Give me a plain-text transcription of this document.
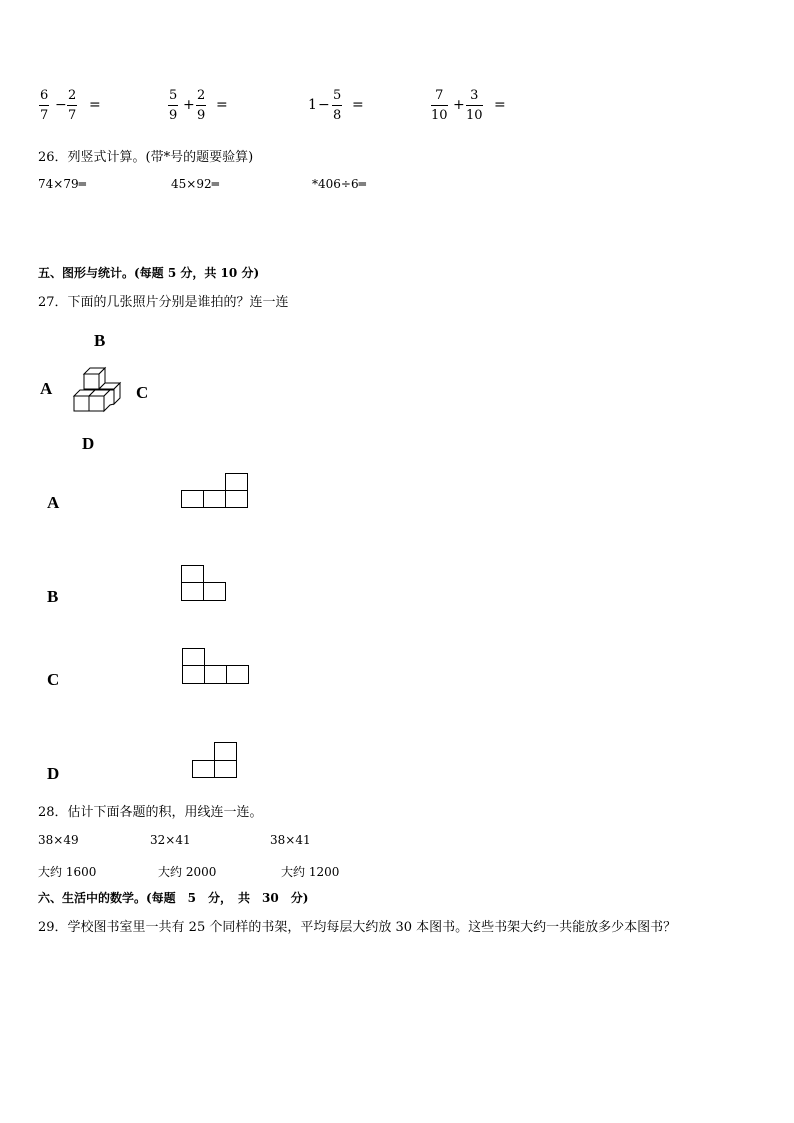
6
7
−
2
7
=
5
9
+
2
9
=	1 −
5
8
=
7
10
+
3
10
=
26．列竖式计算。(带*号的题要验算)
74×79═	45×92═	*406÷6═
五、图形与统计。(每题 5 分，共 10 分)
27．下面的几张照片分别是谁拍的？连一连
B
A	C
D
A
B
C
D
28．估计下面各题的积，用线连一连。
38×49	32×41	38×41
大约 1600	大约 2000	大约 1200
六、生活中的数学。(每题　5　分，　共　30　分)
29．学校图书室里一共有 25 个同样的书架，平均每层大约放 30 本图书。这些书架大约一共能放多少本图书？
